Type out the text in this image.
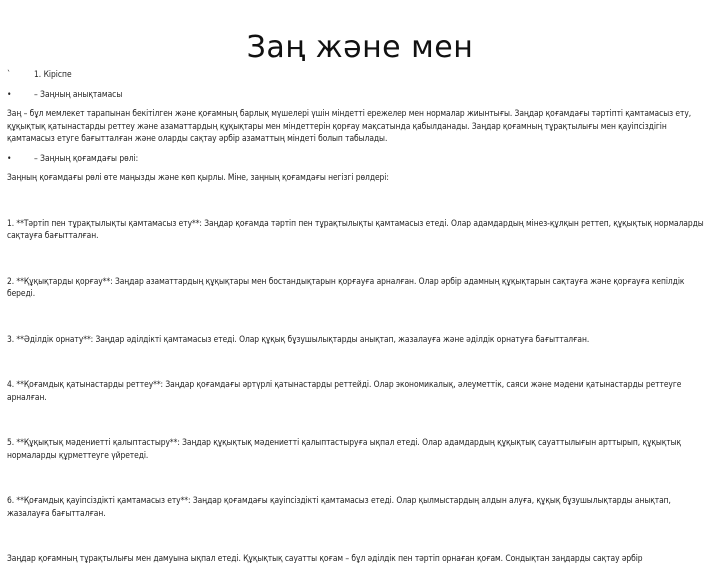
Заң және мен
`	1. Кіріспе
•	– Заңның анықтамасы
Заң – бұл мемлекет тарапынан бекітілген және қоғамның барлық мүшелері үшін міндетті ережелер мен нормалар жиынтығы. Заңдар қоғамдағы тәртіпті қамтамасыз ету, құқықтық қатынастарды реттеу және азаматтардың құқықтары мен міндеттерін қорғау мақсатында қабылданады. Заңдар қоғамның тұрақтылығы мен қауіпсіздігін қамтамасыз етуге бағытталған және оларды сақтау әрбір азаматтың міндеті болып табылады.
•	– Заңның қоғамдағы рөлі:
Заңның қоғамдағы рөлі өте маңызды және көп қырлы. Міне, заңның қоғамдағы негізгі рөлдері:
1. **Тәртіп пен тұрақтылықты қамтамасыз ету**: Заңдар қоғамда тәртіп пен тұрақтылықты қамтамасыз етеді. Олар адамдардың мінез-құлқын реттеп, құқықтық нормаларды сақтауға бағытталған.
2. **Құқықтарды қорғау**: Заңдар азаматтардың құқықтары мен бостандықтарын қорғауға арналған. Олар әрбір адамның құқықтарын сақтауға және қорғауға кепілдік береді.
3. **Әділдік орнату**: Заңдар әділдікті қамтамасыз етеді. Олар құқық бұзушылықтарды анықтап, жазалауға және әділдік орнатуға бағытталған.
4. **Қоғамдық қатынастарды реттеу**: Заңдар қоғамдағы әртүрлі қатынастарды реттейді. Олар экономикалық, әлеуметтік, саяси және мәдени қатынастарды реттеуге арналған.
5. **Құқықтық мәдениетті қалыптастыру**: Заңдар құқықтық мәдениетті қалыптастыруға ықпал етеді. Олар адамдардың құқықтық сауаттылығын арттырып, құқықтық нормаларды құрметтеуге үйретеді.
6. **Қоғамдық қауіпсіздікті қамтамасыз ету**: Заңдар қоғамдағы қауіпсіздікті қамтамасыз етеді. Олар қылмыстардың алдын алуға, құқық бұзушылықтарды анықтап, жазалауға бағытталған.
Заңдар қоғамның тұрақтылығы мен дамуына ықпал етеді. Құқықтық сауатты қоғам – бұл әділдік пен тәртіп орнаған қоғам. Сондықтан заңдарды сақтау әрбір
